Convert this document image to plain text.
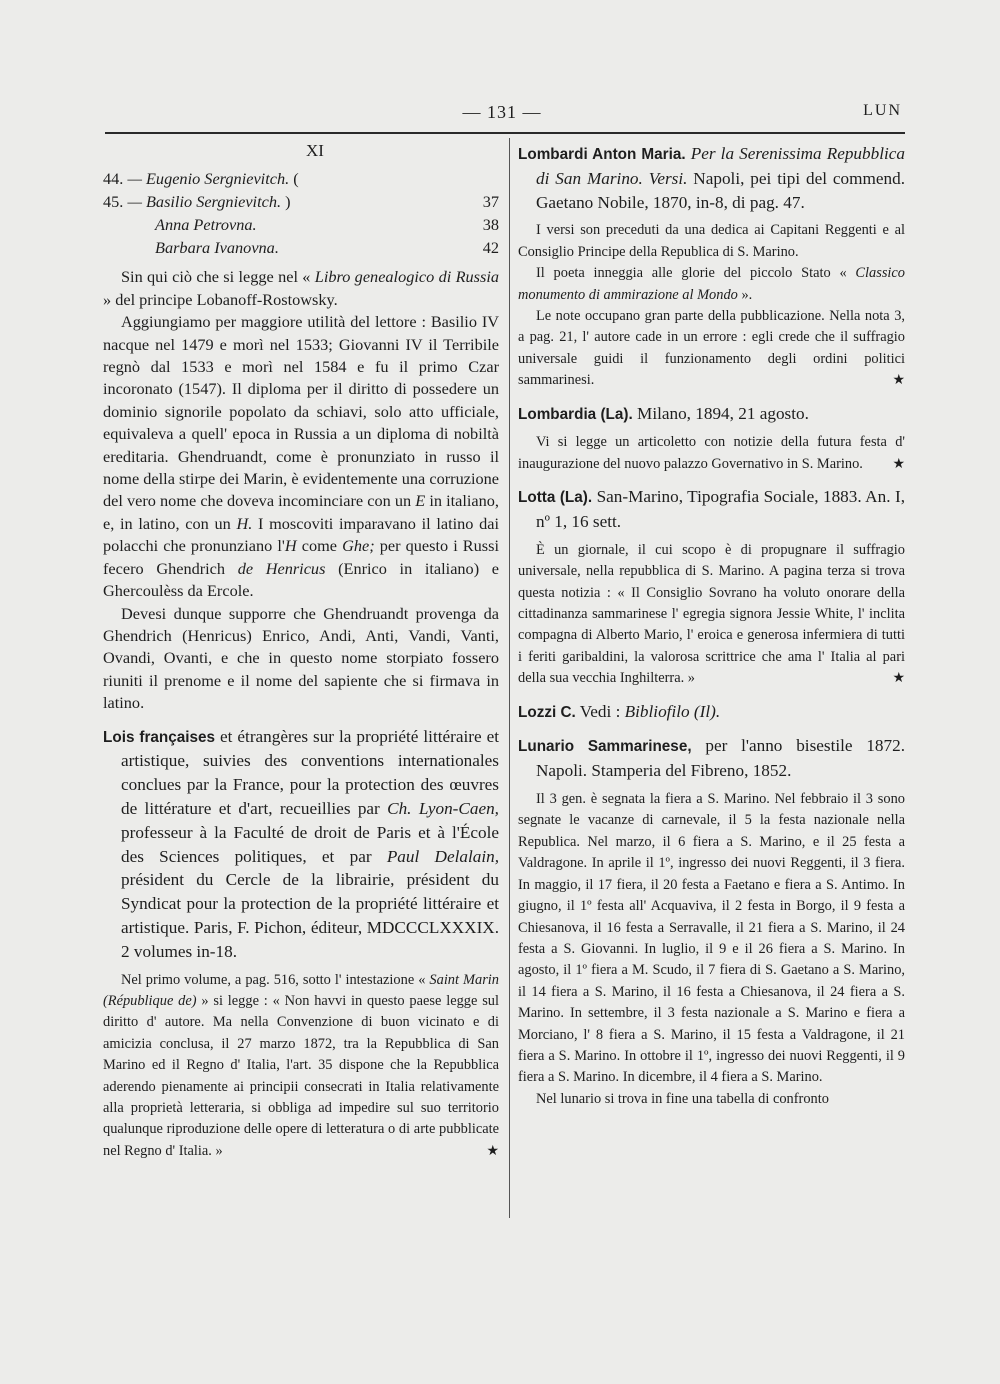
— 131 —	LUN
XI
44. — Eugenio Sergnievitch. (
45. — Basilio Sergnievitch. )	37
Anna Petrovna.	38
Barbara Ivanovna.	42

Sin qui ciò che si legge nel « Libro genealogico di Russia » del principe Lobanoff-Rostowsky.

Aggiungiamo per maggiore utilità del lettore : Basilio IV nacque nel 1479 e morì nel 1533; Giovanni IV il Terribile regnò dal 1533 e morì nel 1584 e fu il primo Czar incoronato (1547). Il diploma per il diritto di possedere un dominio signorile popolato da schiavi, solo atto ufficiale, equivaleva a quell' epoca in Russia a un diploma di nobiltà ereditaria. Ghendruandt, come è pronunziato in russo il nome della stirpe dei Marin, è evidentemente una corruzione del vero nome che doveva incominciare con un E in italiano, e, in latino, con un H. I moscoviti imparavano il latino dai polacchi che pronunziano l'H come Ghe; per questo i Russi fecero Ghendrich de Henricus (Enrico in italiano) e Ghercoulèss da Ercole.

Devesi dunque supporre che Ghendruandt provenga da Ghendrich (Henricus) Enrico, Andi, Anti, Vandi, Vanti, Ovandi, Ovanti, e che in questo nome storpiato fossero riuniti il prenome e il nome del sapiente che si firmava in latino.

Lois françaises et étrangères sur la propriété littéraire et artistique, suivies des conventions internationales conclues par la France, pour la protection des œuvres de littérature et d'art, recueillies par Ch. Lyon-Caen, professeur à la Faculté de droit de Paris et à l'École des Sciences politiques, et par Paul Delalain, président du Cercle de la librairie, président du Syndicat pour la protection de la propriété littéraire et artistique. Paris, F. Pichon, éditeur, MDCCCLXXXIX. 2 volumes in-18.

Nel primo volume, a pag. 516, sotto l' intestazione « Saint Marin (République de) » si legge : « Non havvi in questo paese legge sul diritto d' autore. Ma nella Convenzione di buon vicinato e di amicizia conclusa, il 27 marzo 1872, tra la Repubblica di San Marino ed il Regno d' Italia, l'art. 35 dispone che la Repubblica aderendo pienamente ai principii consecrati in Italia relativamente alla proprietà letteraria, si obbliga ad impedire sul suo territorio qualunque riproduzione delle opere di letteratura o di arte pubblicate nel Regno d' Italia. »	★

Lombardi Anton Maria. Per la Serenissima Repubblica di San Marino. Versi. Napoli, pei tipi del commend. Gaetano Nobile, 1870, in-8, di pag. 47.

I versi son preceduti da una dedica ai Capitani Reggenti e al Consiglio Principe della Republica di S. Marino.

Il poeta inneggia alle glorie del piccolo Stato « Classico monumento di ammirazione al Mondo ».

Le note occupano gran parte della pubblicazione. Nella nota 3, a pag. 21, l' autore cade in un errore : egli crede che il suffragio universale guidi il funzionamento degli ordini politici sammarinesi.	★

Lombardia (La). Milano, 1894, 21 agosto.

Vi si legge un articoletto con notizie della futura festa d' inaugurazione del nuovo palazzo Governativo in S. Marino.	★

Lotta (La). San-Marino, Tipografia Sociale, 1883. An. I, nº 1, 16 sett.

È un giornale, il cui scopo è di propugnare il suffragio universale, nella repubblica di S. Marino. A pagina terza si trova questa notizia : « Il Consiglio Sovrano ha voluto onorare della cittadinanza sammarinese l' egregia signora Jessie White, l' inclita compagna di Alberto Mario, l' eroica e generosa infermiera di tutti i feriti garibaldini, la valorosa scrittrice che ama l' Italia al pari della sua vecchia Inghilterra. »	★

Lozzi C. Vedi : Bibliofilo (Il).

Lunario Sammarinese, per l'anno bisestile 1872. Napoli. Stamperia del Fibreno, 1852.

Il 3 gen. è segnata la fiera a S. Marino. Nel febbraio il 3 sono segnate le vacanze di carnevale, il 5 la festa nazionale nella Republica. Nel marzo, il 6 fiera a S. Marino, e il 25 festa a Valdragone. In aprile il 1º, ingresso dei nuovi Reggenti, il 3 fiera. In maggio, il 17 fiera, il 20 festa a Faetano e fiera a S. Antimo. In giugno, il 1º festa all' Acquaviva, il 2 festa in Borgo, il 9 festa a Chiesanova, il 16 festa a Serravalle, il 21 fiera a S. Marino, il 24 festa a S. Giovanni. In luglio, il 9 e il 26 fiera a S. Marino. In agosto, il 1º fiera a M. Scudo, il 7 fiera di S. Gaetano a S. Marino, il 14 fiera a S. Marino, il 16 festa a Chiesanova, il 24 fiera a S. Marino. In settembre, il 3 festa nazionale a S. Marino e fiera a Morciano, l' 8 fiera a S. Marino, il 15 festa a Valdragone, il 21 fiera a S. Marino. In ottobre il 1º, ingresso dei nuovi Reggenti, il 9 fiera a S. Marino. In dicembre, il 4 fiera a S. Marino.

Nel lunario si trova in fine una tabella di confronto
